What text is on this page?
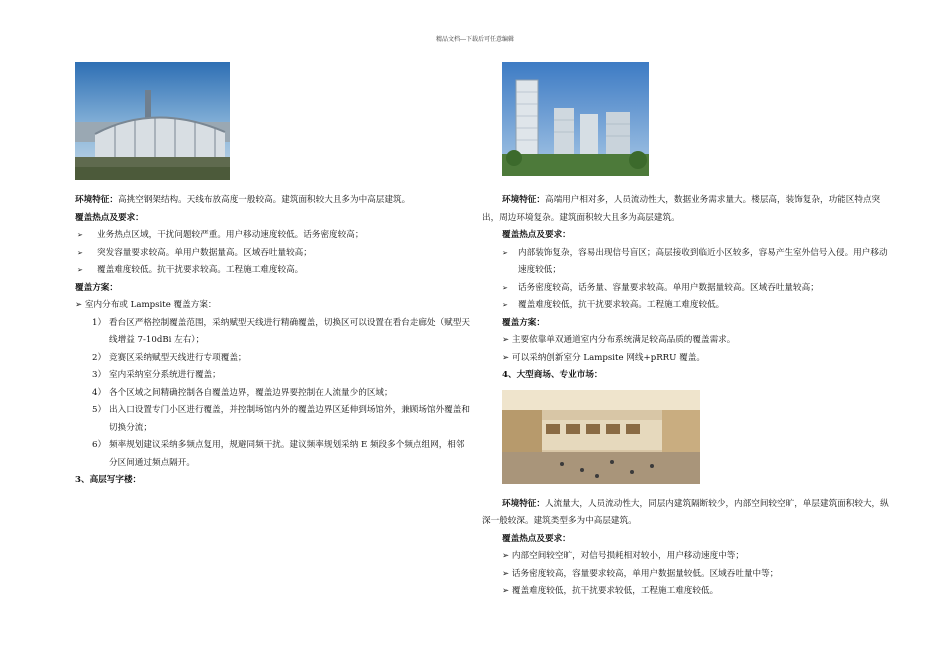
精品文档---下载后可任意编辑
环境特征：高挑空钢架结构。天线布放高度一般较高。建筑面积较大且多为中高层建筑。
覆盖热点及要求：
➢ 业务热点区域，干扰问题较严重。用户移动速度较低。话务密度较高；
➢ 突发容量要求较高。单用户数据量高。区域吞吐量较高；
➢ 覆盖难度较低。抗干扰要求较高。工程施工难度较高。
覆盖方案：
➢ 室内分布或 Lampsite 覆盖方案：
1） 看台区严格控制覆盖范围，采纳赋型天线进行精确覆盖，切换区可以设置在看台走廊处（赋型天线增益 7-10dBi 左右）；
2） 竞赛区采纳赋型天线进行专项覆盖；
3） 室内采纳室分系统进行覆盖；
4） 各个区域之间精确控制各自覆盖边界，覆盖边界要控制在人流量少的区域；
5） 出入口设置专门小区进行覆盖，并控制场馆内外的覆盖边界区延伸到场馆外，兼顾场馆外覆盖和切换分流；
6） 频率规划建议采纳多频点复用，规避同频干扰。建议频率规划采纳 E 频段多个频点组网，相邻分区间通过频点隔开。
3、高层写字楼：
环境特征：高端用户相对多，人员流动性大，数据业务需求量大。楼层高，装饰复杂，功能区特点突出，周边环境复杂。建筑面积较大且多为高层建筑。
覆盖热点及要求：
➢ 内部装饰复杂，容易出现信号盲区；高层接收到临近小区较多，容易产生室外信号入侵。用户移动速度较低；
➢ 话务密度较高，话务量、容量要求较高。单用户数据量较高。区域吞吐量较高；
➢ 覆盖难度较低，抗干扰要求较高。工程施工难度较低。
覆盖方案：
➢ 主要依靠单双通道室内分布系统满足较高品质的覆盖需求。
➢ 可以采纳创新室分 Lampsite 网线+pRRU 覆盖。
4、大型商场、专业市场：
环境特征：人流量大，人员流动性大，同层内建筑隔断较少，内部空间较空旷，单层建筑面积较大，纵深一般较深。建筑类型多为中高层建筑。
覆盖热点及要求：
➢ 内部空间较空旷，对信号损耗相对较小，用户移动速度中等；
➢ 话务密度较高，容量要求较高，单用户数据量较低。区域吞吐量中等；
➢ 覆盖难度较低，抗干扰要求较低，工程施工难度较低。
